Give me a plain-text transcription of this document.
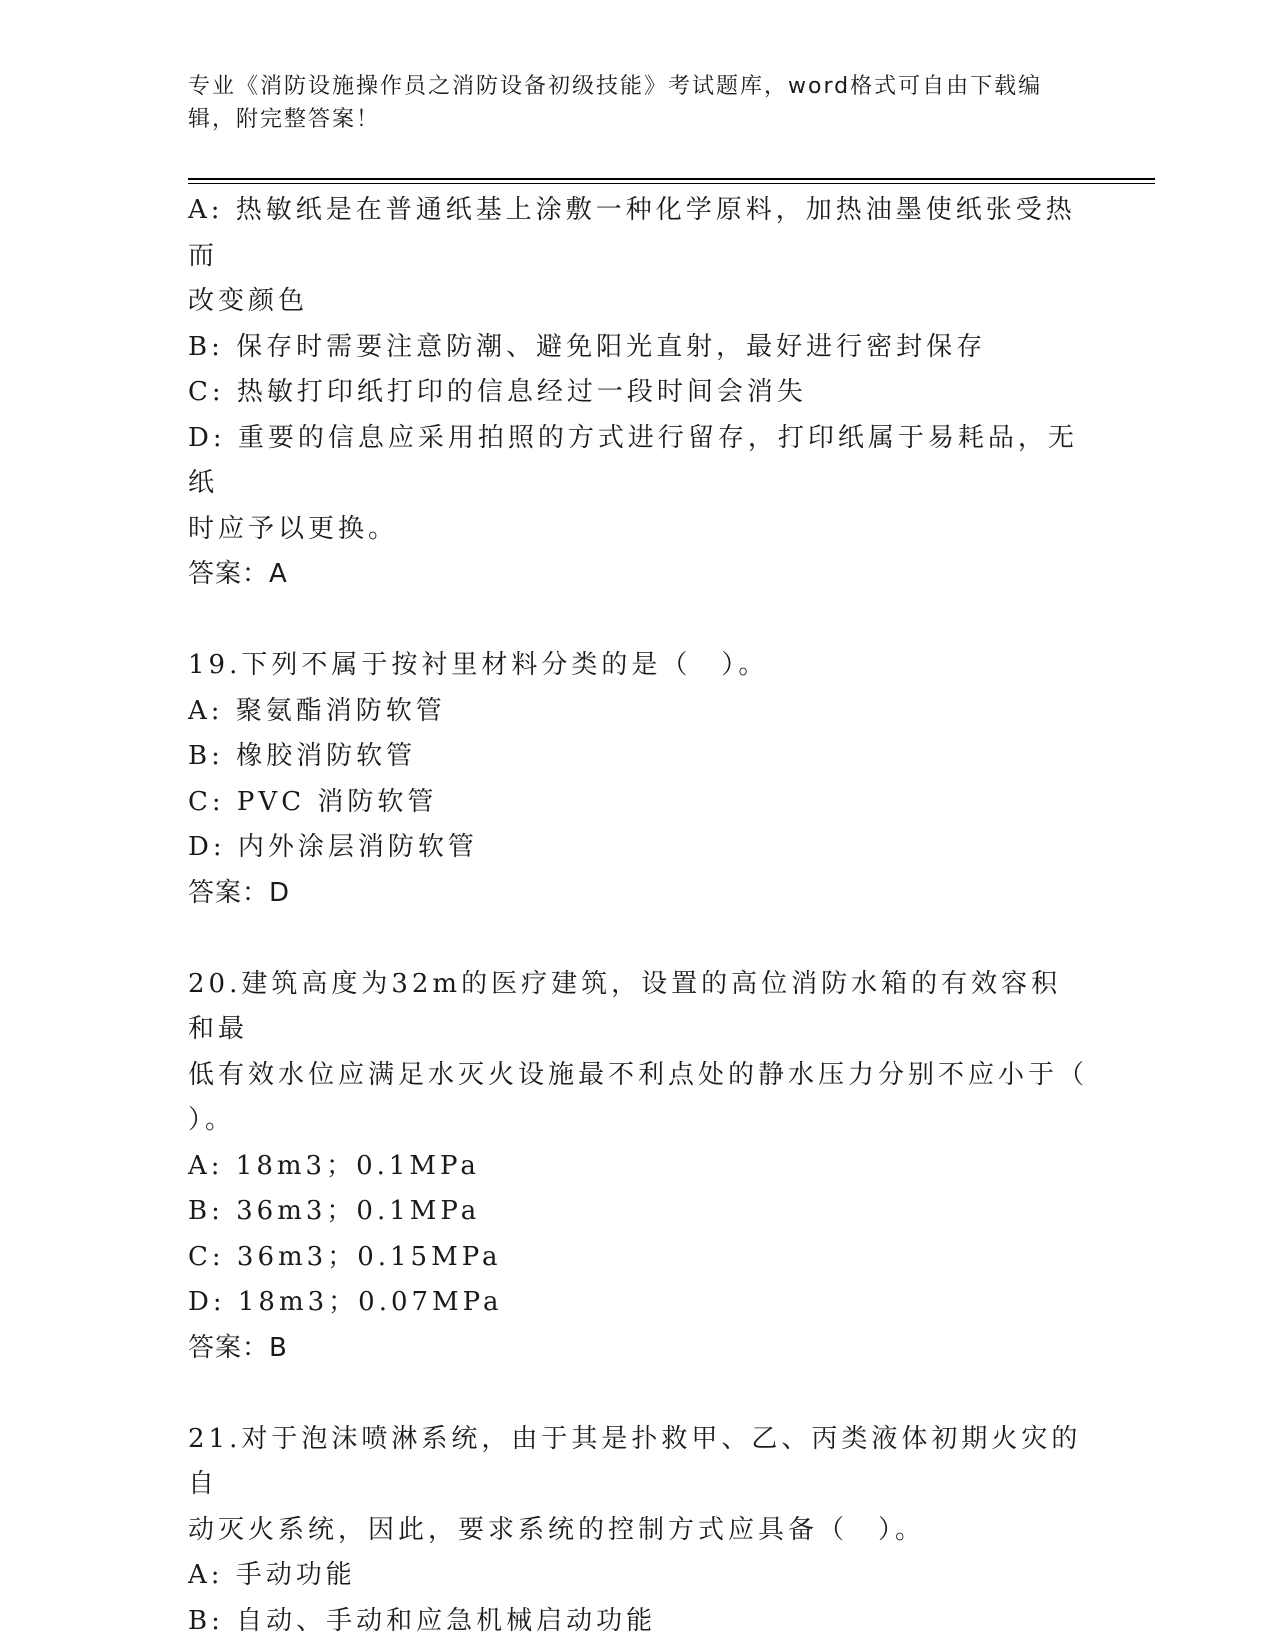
专业《消防设施操作员之消防设备初级技能》考试题库，word格式可自由下载编
辑，附完整答案！
A: 热敏纸是在普通纸基上涂敷一种化学原料，加热油墨使纸张受热而
改变颜色
B: 保存时需要注意防潮、避免阳光直射，最好进行密封保存
C: 热敏打印纸打印的信息经过一段时间会消失
D: 重要的信息应采用拍照的方式进行留存，打印纸属于易耗品，无纸
时应予以更换。
答案：A
19.下列不属于按衬里材料分类的是（　）。
A: 聚氨酯消防软管
B: 橡胶消防软管
C: PVC 消防软管
D: 内外涂层消防软管
答案：D
20.建筑高度为32m的医疗建筑，设置的高位消防水箱的有效容积和最
低有效水位应满足水灭火设施最不利点处的静水压力分别不应小于（
）。
A: 18m3；0.1MPa
B: 36m3；0.1MPa
C: 36m3；0.15MPa
D: 18m3；0.07MPa
答案：B
21.对于泡沫喷淋系统，由于其是扑救甲、乙、丙类液体初期火灾的自
动灭火系统，因此，要求系统的控制方式应具备（　）。
A: 手动功能
B: 自动、手动和应急机械启动功能
